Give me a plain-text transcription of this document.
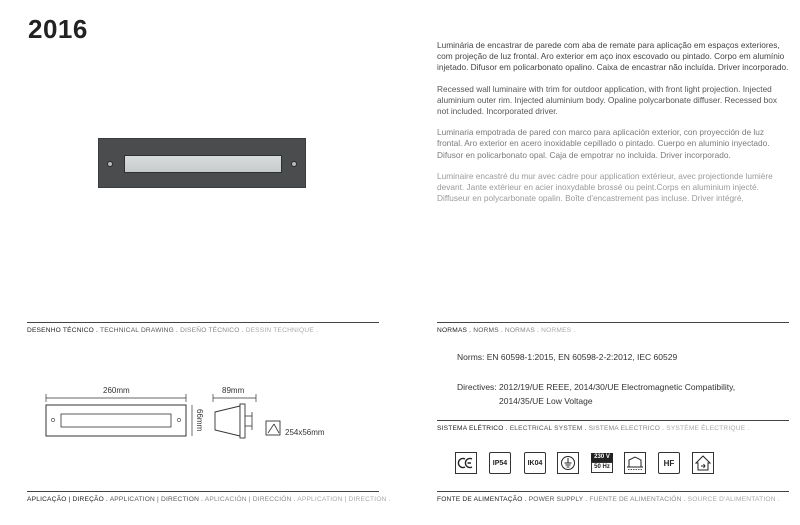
2016

Luminária de encastrar de parede com aba de remate para aplicação em espaços exteriores, com projeção de luz frontal. Aro exterior em aço inox escovado ou pintado. Corpo em alumínio injetado. Difusor em policarbonato opalino. Caixa de encastrar não incluída. Driver incorporado.

Recessed wall luminaire with trim for outdoor application, with front light projection. Injected aluminium outer rim. Injected aluminium body. Opaline polycarbonate diffuser. Recessed box not included. Incorporated driver.

Luminaria empotrada de pared con marco para aplicación exterior, con proyección de luz frontal. Aro exterior en acero inoxidable cepillado o pintado. Cuerpo en aluminio inyectado. Difusor en policarbonato opal. Caja de empotrar no incluida. Driver incorporado.

Luminaire encastré du mur avec cadre pour application extérieur, avec projectionde lumière devant. Jante extérieur en acier inoxydable brossé ou peint.Corps en aluminium injecté. Diffuseur en polycarbonate opalin. Boîte d'encastrement pas incluse. Driver intégré.

DESENHO TÉCNICO . TECHNICAL DRAWING . DISEÑO TÉCNICO . DESSIN TECHNIQUE .	NORMAS . NORMS . NORMAS . NORMES .
Norms: EN 60598-1:2015, EN 60598-2-2:2012, IEC 60529
Directives: 2012/19/UE REEE, 2014/30/UE Electromagnetic Compatibility,
2014/35/UE Low Voltage
260mm	89mm
66mm
254x56mm	SISTEMA ELÉTRICO . ELECTRICAL SYSTEM . SISTEMA ELECTRICO . SYSTÈME ÉLECTRIQUE .
IP54	IK04
230 V
50 Hz	HF
APLICAÇÃO | DIREÇÃO . APPLICATION | DIRECTION . APLICACIÓN | DIRECCIÓN . APPLICATION | DIRECTION .	FONTE DE ALIMENTAÇÃO . POWER SUPPLY . FUENTE DE ALIMENTACIÓN . SOURCE D'ALIMENTATION .
